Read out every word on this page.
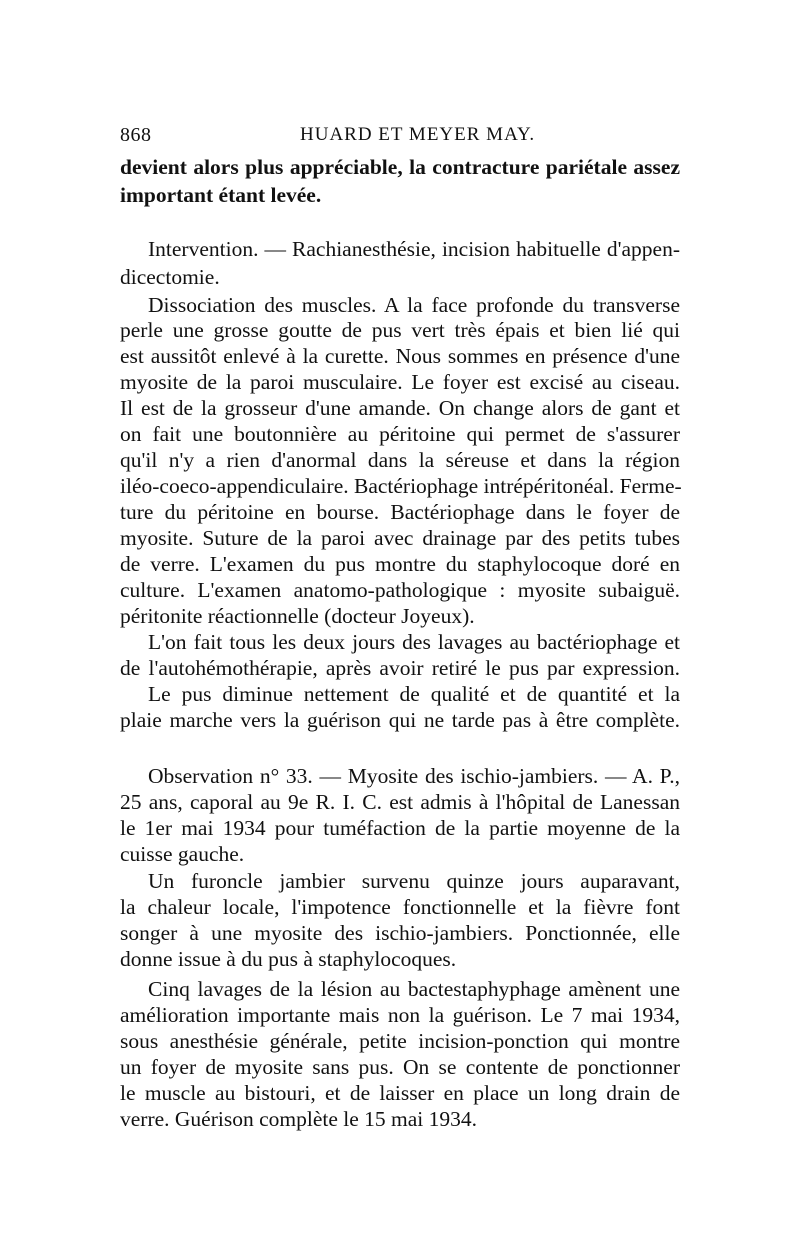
868	HUARD ET MEYER MAY.
devient alors plus appréciable, la contracture pariétale assez
important étant levée.
Intervention. — Rachianesthésie, incision habituelle d'appen-
dicectomie.
Dissociation des muscles. A la face profonde du transverse
perle une grosse goutte de pus vert très épais et bien lié qui
est aussitôt enlevé à la curette. Nous sommes en présence d'une
myosite de la paroi musculaire. Le foyer est excisé au ciseau.
Il est de la grosseur d'une amande. On change alors de gant et
on fait une boutonnière au péritoine qui permet de s'assurer
qu'il n'y a rien d'anormal dans la séreuse et dans la région
iléo-coeco-appendiculaire. Bactériophage intrépéritonéal. Ferme-
ture du péritoine en bourse. Bactériophage dans le foyer de
myosite. Suture de la paroi avec drainage par des petits tubes
de verre. L'examen du pus montre du staphylocoque doré en
culture. L'examen anatomo-pathologique : myosite subaiguë.
péritonite réactionnelle (docteur Joyeux).
L'on fait tous les deux jours des lavages au bactériophage et
de l'autohémothérapie, après avoir retiré le pus par expression.
Le pus diminue nettement de qualité et de quantité et la
plaie marche vers la guérison qui ne tarde pas à être complète.
Observation n° 33. — Myosite des ischio-jambiers. — A. P.,
25 ans, caporal au 9e R. I. C. est admis à l'hôpital de Lanessan
le 1er mai 1934 pour tuméfaction de la partie moyenne de la
cuisse gauche.
Un furoncle jambier survenu quinze jours auparavant,
la chaleur locale, l'impotence fonctionnelle et la fièvre font
songer à une myosite des ischio-jambiers. Ponctionnée, elle
donne issue à du pus à staphylocoques.
Cinq lavages de la lésion au bactestaphyphage amènent une
amélioration importante mais non la guérison. Le 7 mai 1934,
sous anesthésie générale, petite incision-ponction qui montre
un foyer de myosite sans pus. On se contente de ponctionner
le muscle au bistouri, et de laisser en place un long drain de
verre. Guérison complète le 15 mai 1934.
